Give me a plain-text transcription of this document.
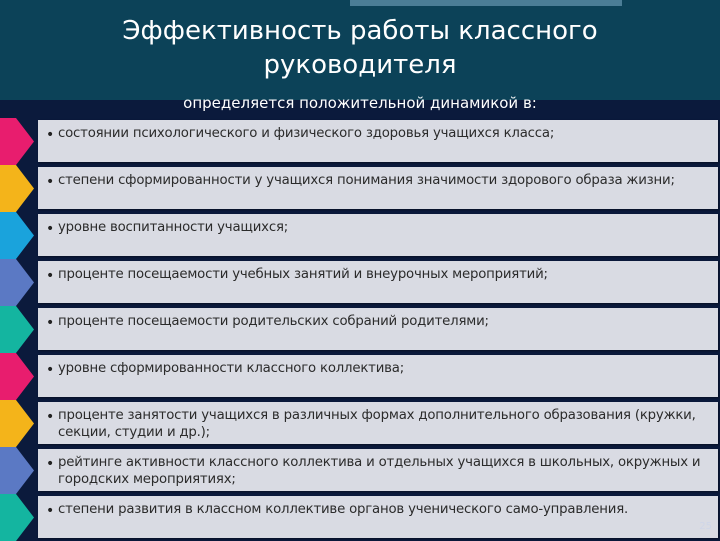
Эффективность работы классного руководителя
определяется положительной динамикой в:
• состоянии психологического и физического здоровья учащихся класса;
• степени сформированности у учащихся понимания значимости здорового образа жизни;
• уровне воспитанности учащихся;
• проценте посещаемости учебных занятий и внеурочных мероприятий;
• проценте посещаемости родительских собраний родителями;
• уровне сформированности классного коллектива;
• проценте занятости учащихся в различных формах дополнительного образования (кружки, секции, студии и др.);
• рейтинге активности классного коллектива и отдельных учащихся в школьных, окружных и городских мероприятиях;
• степени развития в классном коллективе органов ученического само-управления.
25
